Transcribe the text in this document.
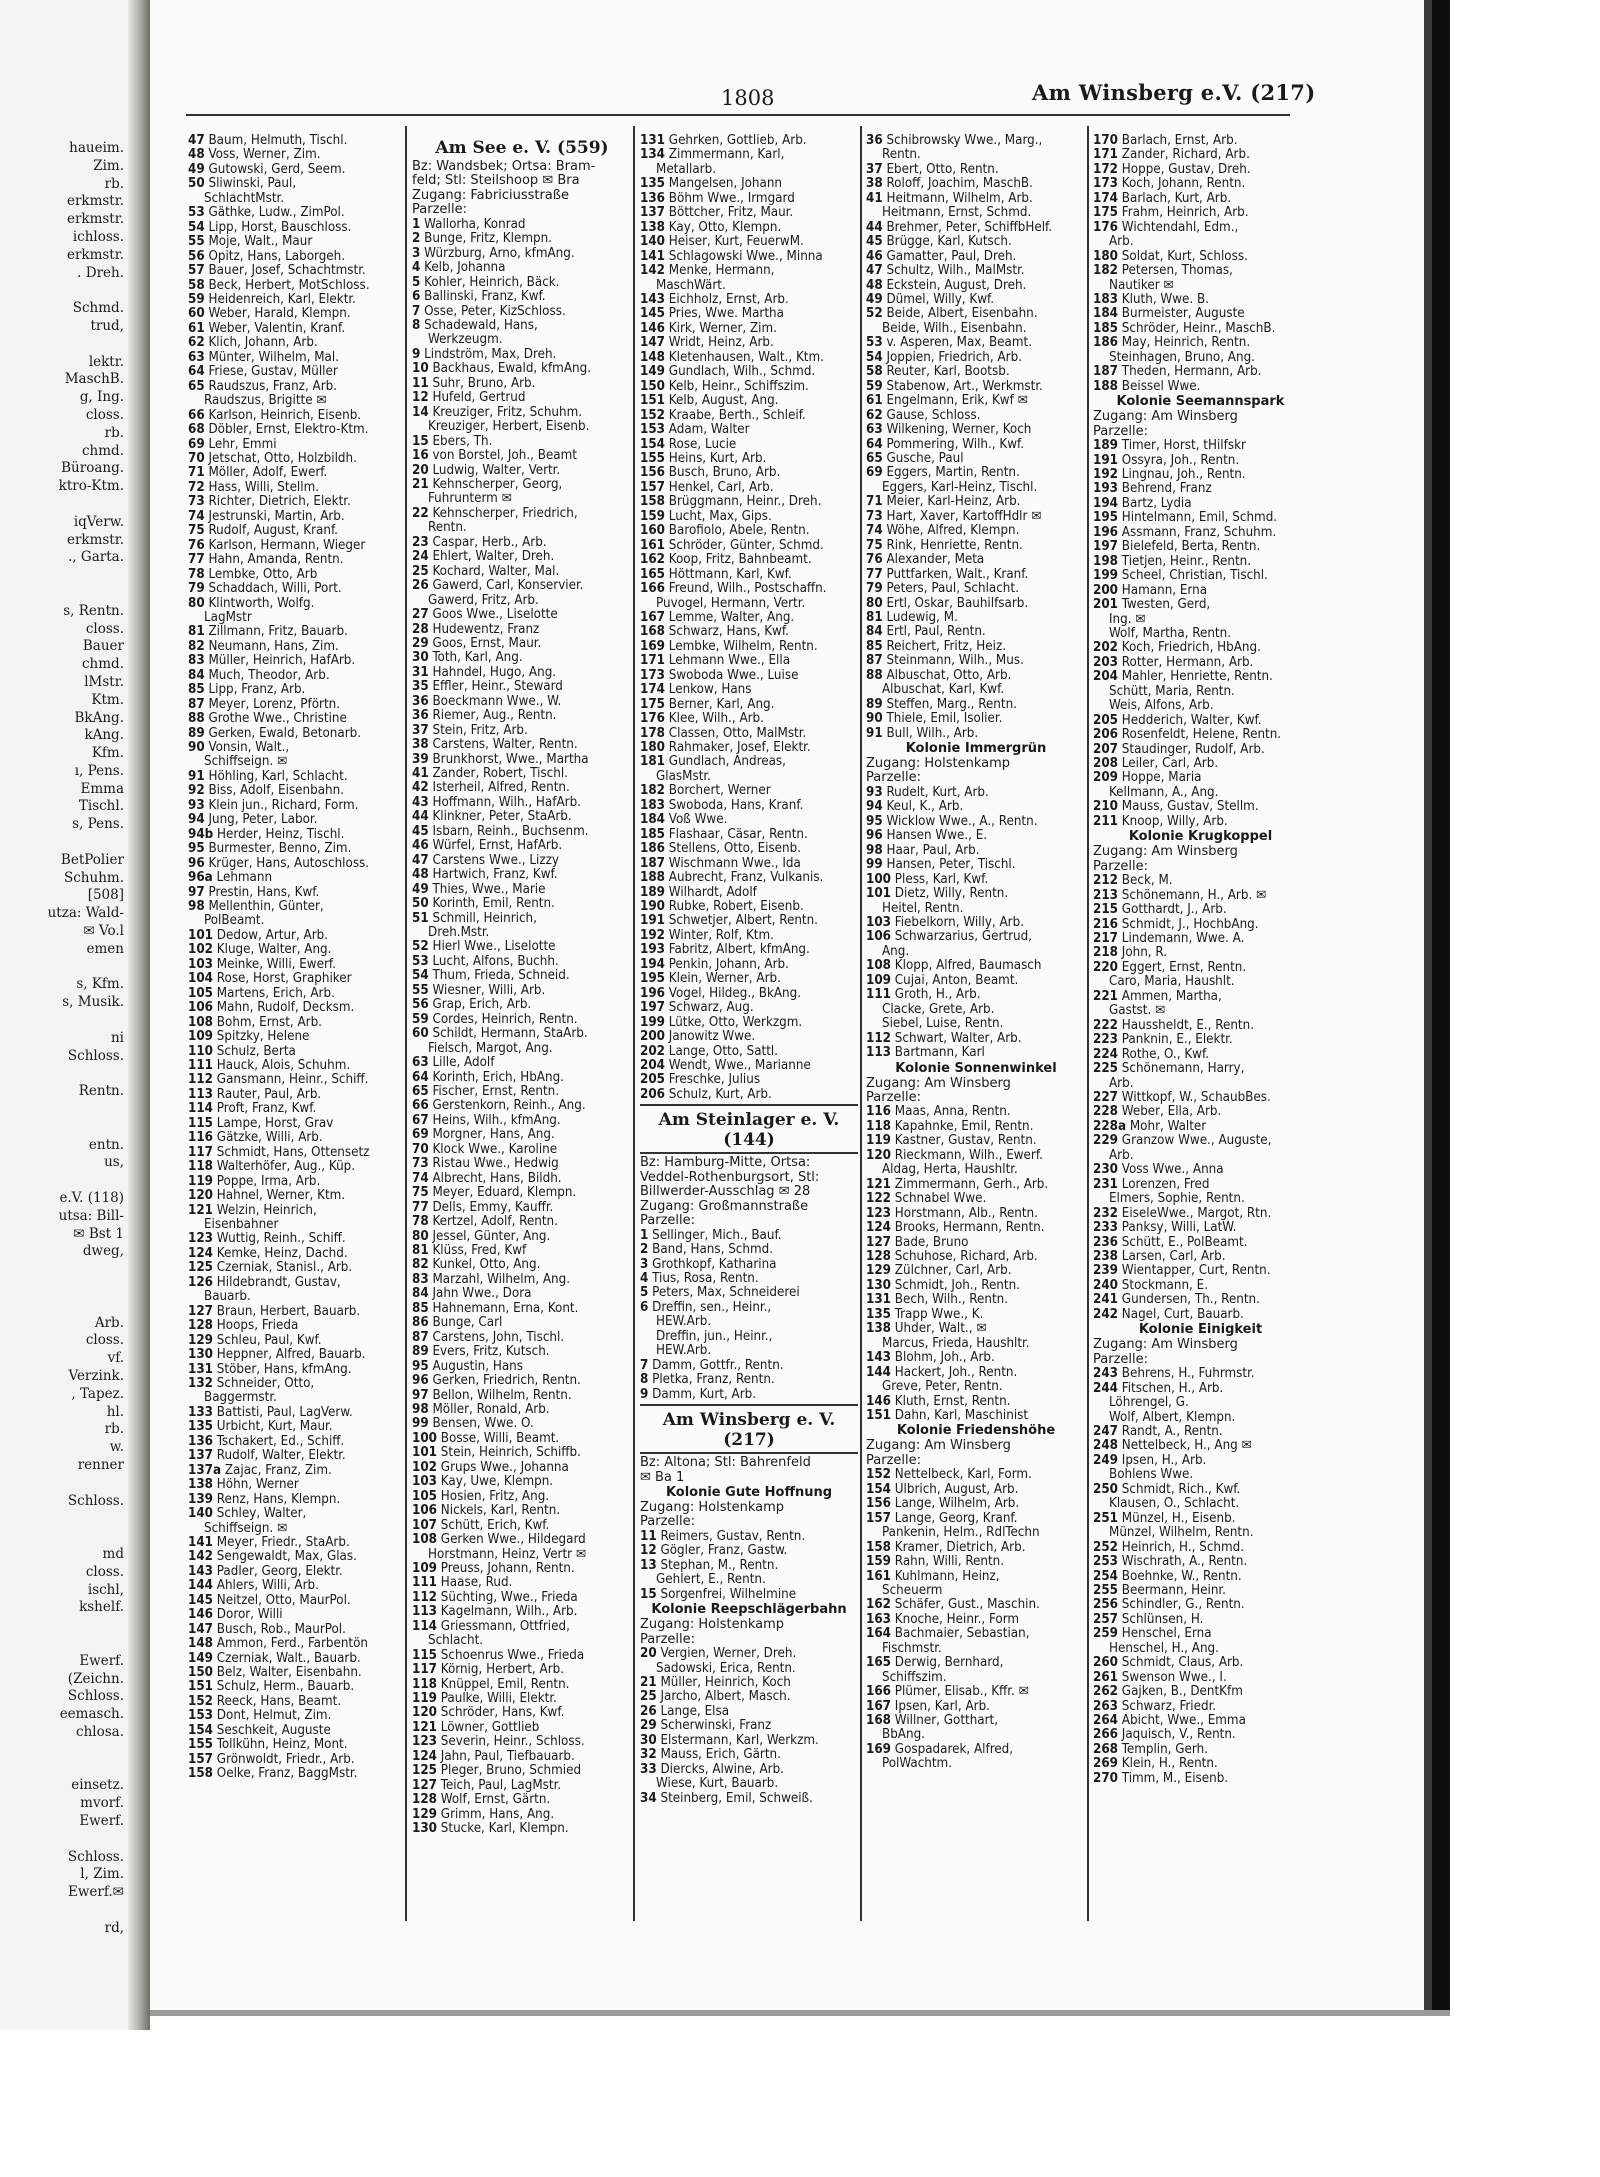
haueim.
Zim.
rb.
erkmstr.
erkmstr.
ichloss.
erkmstr.
. Dreh.

Schmd.
trud,

lektr.
MaschB.
g, Ing.
closs.
rb.
chmd.
Büroang.
ktro-Ktm.

iqVerw.
erkmstr.
., Garta.

s, Rentn.
closs.
Bauer
chmd.
lMstr.
Ktm.
BkAng.
kAng.
Kfm.
ı, Pens.
Emma
Tischl.
s, Pens.

BetPolier
Schuhm.
[508]
utza: Wald-
✉ Vo.l
emen

s, Kfm.
s, Musik.

ni
Schloss.

Rentn.

entn.
us,

e.V. (118)
utsa: Bill-
✉ Bst 1
dweg,

Arb.
closs.
vf.
Verzink.
, Tapez.
hl.
rb.
w.
renner

Schloss.

md
closs.
ischl,
kshelf.

Ewerf.
(Zeichn.
Schloss.
eemasch.
chlosa.

einsetz.
mvorf.
Ewerf.

Schloss.
l, Zim.
Ewerf.✉

rd,
1808	Am Winsberg e.V. (217)
47 Baum, Helmuth, Tischl.
48 Voss, Werner, Zim.
49 Gutowski, Gerd, Seem.
50 Sliwinski, Paul,
SchlachtMstr.
53 Gäthke, Ludw., ZimPol.
54 Lipp, Horst, Bauschloss.
55 Moje, Walt., Maur
56 Opitz, Hans, Laborgeh.
57 Bauer, Josef, Schachtmstr.
58 Beck, Herbert, MotSchloss.
59 Heidenreich, Karl, Elektr.
60 Weber, Harald, Klempn.
61 Weber, Valentin, Kranf.
62 Klich, Johann, Arb.
63 Münter, Wilhelm, Mal.
64 Friese, Gustav, Müller
65 Raudszus, Franz, Arb.
Raudszus, Brigitte ✉
66 Karlson, Heinrich, Eisenb.
68 Döbler, Ernst, Elektro-Ktm.
69 Lehr, Emmi
70 Jetschat, Otto, Holzbildh.
71 Möller, Adolf, Ewerf.
72 Hass, Willi, Stellm.
73 Richter, Dietrich, Elektr.
74 Jestrunski, Martin, Arb.
75 Rudolf, August, Kranf.
76 Karlson, Hermann, Wieger
77 Hahn, Amanda, Rentn.
78 Lembke, Otto, Arb
79 Schaddach, Willi, Port.
80 Klintworth, Wolfg.
LagMstr
81 Zillmann, Fritz, Bauarb.
82 Neumann, Hans, Zim.
83 Müller, Heinrich, HafArb.
84 Much, Theodor, Arb.
85 Lipp, Franz, Arb.
87 Meyer, Lorenz, Pförtn.
88 Grothe Wwe., Christine
89 Gerken, Ewald, Betonarb.
90 Vonsin, Walt.,
Schiffseign. ✉
91 Höhling, Karl, Schlacht.
92 Biss, Adolf, Eisenbahn.
93 Klein jun., Richard, Form.
94 Jung, Peter, Labor.
94b Herder, Heinz, Tischl.
95 Burmester, Benno, Zim.
96 Krüger, Hans, Autoschloss.
96a Lehmann
97 Prestin, Hans, Kwf.
98 Mellenthin, Günter,
PolBeamt.
101 Dedow, Artur, Arb.
102 Kluge, Walter, Ang.
103 Meinke, Willi, Ewerf.
104 Rose, Horst, Graphiker
105 Martens, Erich, Arb.
106 Mahn, Rudolf, Decksm.
108 Bohm, Ernst, Arb.
109 Spitzky, Helene
110 Schulz, Berta
111 Hauck, Alois, Schuhm.
112 Gansmann, Heinr., Schiff.
113 Rauter, Paul, Arb.
114 Proft, Franz, Kwf.
115 Lampe, Horst, Grav
116 Gätzke, Willi, Arb.
117 Schmidt, Hans, Ottensetz
118 Walterhöfer, Aug., Küp.
119 Poppe, Irma, Arb.
120 Hahnel, Werner, Ktm.
121 Welzin, Heinrich,
Eisenbahner
123 Wuttig, Reinh., Schiff.
124 Kemke, Heinz, Dachd.
125 Czerniak, Stanisl., Arb.
126 Hildebrandt, Gustav,
Bauarb.
127 Braun, Herbert, Bauarb.
128 Hoops, Frieda
129 Schleu, Paul, Kwf.
130 Heppner, Alfred, Bauarb.
131 Stöber, Hans, kfmAng.
132 Schneider, Otto,
Baggermstr.
133 Battisti, Paul, LagVerw.
135 Urbicht, Kurt, Maur.
136 Tschakert, Ed., Schiff.
137 Rudolf, Walter, Elektr.
137a Zajac, Franz, Zim.
138 Höhn, Werner
139 Renz, Hans, Klempn.
140 Schley, Walter,
Schiffseign. ✉
141 Meyer, Friedr., StaArb.
142 Sengewaldt, Max, Glas.
143 Padler, Georg, Elektr.
144 Ahlers, Willi, Arb.
145 Neitzel, Otto, MaurPol.
146 Doror, Willi
147 Busch, Rob., MaurPol.
148 Ammon, Ferd., Farbentön
149 Czerniak, Walt., Bauarb.
150 Belz, Walter, Eisenbahn.
151 Schulz, Herm., Bauarb.
152 Reeck, Hans, Beamt.
153 Dont, Helmut, Zim.
154 Seschkeit, Auguste
155 Tollkühn, Heinz, Mont.
157 Grönwoldt, Friedr., Arb.
158 Oelke, Franz, BaggMstr.
Am See e. V. (559)
Bz: Wandsbek; Ortsa: Bram-
feld; Stl: Steilshoop ✉ Bra
Zugang: Fabriciusstraße
Parzelle:
1 Wallorha, Konrad
2 Bunge, Fritz, Klempn.
3 Würzburg, Arno, kfmAng.
4 Kelb, Johanna
5 Kohler, Heinrich, Bäck.
6 Ballinski, Franz, Kwf.
7 Osse, Peter, KizSchloss.
8 Schadewald, Hans,
Werkzeugm.
9 Lindström, Max, Dreh.
10 Backhaus, Ewald, kfmAng.
11 Suhr, Bruno, Arb.
12 Hufeld, Gertrud
14 Kreuziger, Fritz, Schuhm.
Kreuziger, Herbert, Eisenb.
15 Ebers, Th.
16 von Borstel, Joh., Beamt
20 Ludwig, Walter, Vertr.
21 Kehnscherper, Georg,
Fuhrunterm ✉
22 Kehnscherper, Friedrich,
Rentn.
23 Caspar, Herb., Arb.
24 Ehlert, Walter, Dreh.
25 Kochard, Walter, Mal.
26 Gawerd, Carl, Konservier.
Gawerd, Fritz, Arb.
27 Goos Wwe., Liselotte
28 Hudewentz, Franz
29 Goos, Ernst, Maur.
30 Toth, Karl, Ang.
31 Hahndel, Hugo, Ang.
35 Effler, Heinr., Steward
36 Boeckmann Wwe., W.
36 Riemer, Aug., Rentn.
37 Stein, Fritz, Arb.
38 Carstens, Walter, Rentn.
39 Brunkhorst, Wwe., Martha
41 Zander, Robert, Tischl.
42 Isterheil, Alfred, Rentn.
43 Hoffmann, Wilh., HafArb.
44 Klinkner, Peter, StaArb.
45 Isbarn, Reinh., Buchsenm.
46 Würfel, Ernst, HafArb.
47 Carstens Wwe., Lizzy
48 Hartwich, Franz, Kwf.
49 Thies, Wwe., Marie
50 Korinth, Emil, Rentn.
51 Schmill, Heinrich,
Dreh.Mstr.
52 Hierl Wwe., Liselotte
53 Lucht, Alfons, Buchh.
54 Thum, Frieda, Schneid.
55 Wiesner, Willi, Arb.
56 Grap, Erich, Arb.
59 Cordes, Heinrich, Rentn.
60 Schildt, Hermann, StaArb.
Fielsch, Margot, Ang.
63 Lille, Adolf
64 Korinth, Erich, HbAng.
65 Fischer, Ernst, Rentn.
66 Gerstenkorn, Reinh., Ang.
67 Heins, Wilh., kfmAng.
69 Morgner, Hans, Ang.
70 Klock Wwe., Karoline
73 Ristau Wwe., Hedwig
74 Albrecht, Hans, Bildh.
75 Meyer, Eduard, Klempn.
77 Dells, Emmy, Kauffr.
78 Kertzel, Adolf, Rentn.
80 Jessel, Günter, Ang.
81 Klüss, Fred, Kwf
82 Kunkel, Otto, Ang.
83 Marzahl, Wilhelm, Ang.
84 Jahn Wwe., Dora
85 Hahnemann, Erna, Kont.
86 Bunge, Carl
87 Carstens, John, Tischl.
89 Evers, Fritz, Kutsch.
95 Augustin, Hans
96 Gerken, Friedrich, Rentn.
97 Bellon, Wilhelm, Rentn.
98 Möller, Ronald, Arb.
99 Bensen, Wwe. O.
100 Bosse, Willi, Beamt.
101 Stein, Heinrich, Schiffb.
102 Grups Wwe., Johanna
103 Kay, Uwe, Klempn.
105 Hosien, Fritz, Ang.
106 Nickels, Karl, Rentn.
107 Schütt, Erich, Kwf.
108 Gerken Wwe., Hildegard
Horstmann, Heinz, Vertr ✉
109 Preuss, Johann, Rentn.
111 Haase, Rud.
112 Süchting, Wwe., Frieda
113 Kagelmann, Wilh., Arb.
114 Griessmann, Ottfried,
Schlacht.
115 Schoenrus Wwe., Frieda
117 Körnig, Herbert, Arb.
118 Knüppel, Emil, Rentn.
119 Paulke, Willi, Elektr.
120 Schröder, Hans, Kwf.
121 Löwner, Gottlieb
123 Severin, Heinr., Schloss.
124 Jahn, Paul, Tiefbauarb.
125 Pleger, Bruno, Schmied
127 Teich, Paul, LagMstr.
128 Wolf, Ernst, Gärtn.
129 Grimm, Hans, Ang.
130 Stucke, Karl, Klempn.
131 Gehrken, Gottlieb, Arb.
134 Zimmermann, Karl,
Metallarb.
135 Mangelsen, Johann
136 Böhm Wwe., Irmgard
137 Böttcher, Fritz, Maur.
138 Kay, Otto, Klempn.
140 Heiser, Kurt, FeuerwM.
141 Schlagowski Wwe., Minna
142 Menke, Hermann,
MaschWärt.
143 Eichholz, Ernst, Arb.
145 Pries, Wwe. Martha
146 Kirk, Werner, Zim.
147 Wridt, Heinz, Arb.
148 Kletenhausen, Walt., Ktm.
149 Gundlach, Wilh., Schmd.
150 Kelb, Heinr., Schiffszim.
151 Kelb, August, Ang.
152 Kraabe, Berth., Schleif.
153 Adam, Walter
154 Rose, Lucie
155 Heins, Kurt, Arb.
156 Busch, Bruno, Arb.
157 Henkel, Carl, Arb.
158 Brüggmann, Heinr., Dreh.
159 Lucht, Max, Gips.
160 Barofiolo, Abele, Rentn.
161 Schröder, Günter, Schmd.
162 Koop, Fritz, Bahnbeamt.
165 Höttmann, Karl, Kwf.
166 Freund, Wilh., Postschaffn.
Puvogel, Hermann, Vertr.
167 Lemme, Walter, Ang.
168 Schwarz, Hans, Kwf.
169 Lembke, Wilhelm, Rentn.
171 Lehmann Wwe., Ella
173 Swoboda Wwe., Luise
174 Lenkow, Hans
175 Berner, Karl, Ang.
176 Klee, Wilh., Arb.
178 Classen, Otto, MalMstr.
180 Rahmaker, Josef, Elektr.
181 Gundlach, Andreas,
GlasMstr.
182 Borchert, Werner
183 Swoboda, Hans, Kranf.
184 Voß Wwe.
185 Flashaar, Cäsar, Rentn.
186 Stellens, Otto, Eisenb.
187 Wischmann Wwe., Ida
188 Aubrecht, Franz, Vulkanis.
189 Wilhardt, Adolf
190 Rubke, Robert, Eisenb.
191 Schwetjer, Albert, Rentn.
192 Winter, Rolf, Ktm.
193 Fabritz, Albert, kfmAng.
194 Penkin, Johann, Arb.
195 Klein, Werner, Arb.
196 Vogel, Hildeg., BkAng.
197 Schwarz, Aug.
199 Lütke, Otto, Werkzgm.
200 Janowitz Wwe.
202 Lange, Otto, Sattl.
204 Wendt, Wwe., Marianne
205 Freschke, Julius
206 Schulz, Kurt, Arb.
Am Steinlager e. V. (144)
Bz: Hamburg-Mitte, Ortsa:
Veddel-Rothenburgsort, Stl:
Billwerder-Ausschlag ✉ 28
Zugang: Großmannstraße
Parzelle:
1 Sellinger, Mich., Bauf.
2 Band, Hans, Schmd.
3 Grothkopf, Katharina
4 Tius, Rosa, Rentn.
5 Peters, Max, Schneiderei
6 Dreffin, sen., Heinr.,
HEW.Arb.
Dreffin, jun., Heinr.,
HEW.Arb.
7 Damm, Gottfr., Rentn.
8 Pletka, Franz, Rentn.
9 Damm, Kurt, Arb.
Am Winsberg e. V. (217)
Bz: Altona; Stl: Bahrenfeld
✉ Ba 1
Kolonie Gute Hoffnung
Zugang: Holstenkamp
Parzelle:
11 Reimers, Gustav, Rentn.
12 Gögler, Franz, Gastw.
13 Stephan, M., Rentn.
Gehlert, E., Rentn.
15 Sorgenfrei, Wilhelmine
Kolonie Reepschlägerbahn
Zugang: Holstenkamp
Parzelle:
20 Vergien, Werner, Dreh.
Sadowski, Erica, Rentn.
21 Müller, Heinrich, Koch
25 Jarcho, Albert, Masch.
26 Lange, Elsa
29 Scherwinski, Franz
30 Elstermann, Karl, Werkzm.
32 Mauss, Erich, Gärtn.
33 Diercks, Alwine, Arb.
Wiese, Kurt, Bauarb.
34 Steinberg, Emil, Schweiß.
36 Schibrowsky Wwe., Marg.,
Rentn.
37 Ebert, Otto, Rentn.
38 Roloff, Joachim, MaschB.
41 Heitmann, Wilhelm, Arb.
Heitmann, Ernst, Schmd.
44 Brehmer, Peter, SchiffbHelf.
45 Brügge, Karl, Kutsch.
46 Gamatter, Paul, Dreh.
47 Schultz, Wilh., MalMstr.
48 Eckstein, August, Dreh.
49 Dümel, Willy, Kwf.
52 Beide, Albert, Eisenbahn.
Beide, Wilh., Eisenbahn.
53 v. Asperen, Max, Beamt.
54 Joppien, Friedrich, Arb.
58 Reuter, Karl, Bootsb.
59 Stabenow, Art., Werkmstr.
61 Engelmann, Erik, Kwf ✉
62 Gause, Schloss.
63 Wilkening, Werner, Koch
64 Pommering, Wilh., Kwf.
65 Gusche, Paul
69 Eggers, Martin, Rentn.
Eggers, Karl-Heinz, Tischl.
71 Meier, Karl-Heinz, Arb.
73 Hart, Xaver, KartoffHdlr ✉
74 Wöhe, Alfred, Klempn.
75 Rink, Henriette, Rentn.
76 Alexander, Meta
77 Puttfarken, Walt., Kranf.
79 Peters, Paul, Schlacht.
80 Ertl, Oskar, Bauhilfsarb.
81 Ludewig, M.
84 Ertl, Paul, Rentn.
85 Reichert, Fritz, Heiz.
87 Steinmann, Wilh., Mus.
88 Albuschat, Otto, Arb.
Albuschat, Karl, Kwf.
89 Steffen, Marg., Rentn.
90 Thiele, Emil, Isolier.
91 Bull, Wilh., Arb.
Kolonie Immergrün
Zugang: Holstenkamp
Parzelle:
93 Rudelt, Kurt, Arb.
94 Keul, K., Arb.
95 Wicklow Wwe., A., Rentn.
96 Hansen Wwe., E.
98 Haar, Paul, Arb.
99 Hansen, Peter, Tischl.
100 Pless, Karl, Kwf.
101 Dietz, Willy, Rentn.
Heitel, Rentn.
103 Fiebelkorn, Willy, Arb.
106 Schwarzarius, Gertrud,
Ang.
108 Klopp, Alfred, Baumasch
109 Cujai, Anton, Beamt.
111 Groth, H., Arb.
Clacke, Grete, Arb.
Siebel, Luise, Rentn.
112 Schwart, Walter, Arb.
113 Bartmann, Karl
Kolonie Sonnenwinkel
Zugang: Am Winsberg
Parzelle:
116 Maas, Anna, Rentn.
118 Kapahnke, Emil, Rentn.
119 Kastner, Gustav, Rentn.
120 Rieckmann, Wilh., Ewerf.
Aldag, Herta, Haushltr.
121 Zimmermann, Gerh., Arb.
122 Schnabel Wwe.
123 Horstmann, Alb., Rentn.
124 Brooks, Hermann, Rentn.
127 Bade, Bruno
128 Schuhose, Richard, Arb.
129 Zülchner, Carl, Arb.
130 Schmidt, Joh., Rentn.
131 Bech, Wilh., Rentn.
135 Trapp Wwe., K.
138 Uhder, Walt., ✉
Marcus, Frieda, Haushltr.
143 Blohm, Joh., Arb.
144 Hackert, Joh., Rentn.
Greve, Peter, Rentn.
146 Kluth, Ernst, Rentn.
151 Dahn, Karl, Maschinist
Kolonie Friedenshöhe
Zugang: Am Winsberg
Parzelle:
152 Nettelbeck, Karl, Form.
154 Ulbrich, August, Arb.
156 Lange, Wilhelm, Arb.
157 Lange, Georg, Kranf.
Pankenin, Helm., RdlTechn
158 Kramer, Dietrich, Arb.
159 Rahn, Willi, Rentn.
161 Kuhlmann, Heinz,
Scheuerm
162 Schäfer, Gust., Maschin.
163 Knoche, Heinr., Form
164 Bachmaier, Sebastian,
Fischmstr.
165 Derwig, Bernhard,
Schiffszim.
166 Plümer, Elisab., Kffr. ✉
167 Ipsen, Karl, Arb.
168 Willner, Gotthart,
BbAng.
169 Gospadarek, Alfred,
PolWachtm.
170 Barlach, Ernst, Arb.
171 Zander, Richard, Arb.
172 Hoppe, Gustav, Dreh.
173 Koch, Johann, Rentn.
174 Barlach, Kurt, Arb.
175 Frahm, Heinrich, Arb.
176 Wichtendahl, Edm.,
Arb.
180 Soldat, Kurt, Schloss.
182 Petersen, Thomas,
Nautiker ✉
183 Kluth, Wwe. B.
184 Burmeister, Auguste
185 Schröder, Heinr., MaschB.
186 May, Heinrich, Rentn.
Steinhagen, Bruno, Ang.
187 Theden, Hermann, Arb.
188 Beissel Wwe.
Kolonie Seemannspark
Zugang: Am Winsberg
Parzelle:
189 Timer, Horst, tHilfskr
191 Ossyra, Joh., Rentn.
192 Lingnau, Joh., Rentn.
193 Behrend, Franz
194 Bartz, Lydia
195 Hintelmann, Emil, Schmd.
196 Assmann, Franz, Schuhm.
197 Bielefeld, Berta, Rentn.
198 Tietjen, Heinr., Rentn.
199 Scheel, Christian, Tischl.
200 Hamann, Erna
201 Twesten, Gerd,
Ing. ✉
Wolf, Martha, Rentn.
202 Koch, Friedrich, HbAng.
203 Rotter, Hermann, Arb.
204 Mahler, Henriette, Rentn.
Schütt, Maria, Rentn.
Weis, Alfons, Arb.
205 Hedderich, Walter, Kwf.
206 Rosenfeldt, Helene, Rentn.
207 Staudinger, Rudolf, Arb.
208 Leiler, Carl, Arb.
209 Hoppe, Maria
Kellmann, A., Ang.
210 Mauss, Gustav, Stellm.
211 Knoop, Willy, Arb.
Kolonie Krugkoppel
Zugang: Am Winsberg
Parzelle:
212 Beck, M.
213 Schönemann, H., Arb. ✉
215 Gotthardt, J., Arb.
216 Schmidt, J., HochbAng.
217 Lindemann, Wwe. A.
218 John, R.
220 Eggert, Ernst, Rentn.
Caro, Maria, Haushlt.
221 Ammen, Martha,
Gastst. ✉
222 Haussheldt, E., Rentn.
223 Panknin, E., Elektr.
224 Rothe, O., Kwf.
225 Schönemann, Harry,
Arb.
227 Wittkopf, W., SchaubBes.
228 Weber, Ella, Arb.
228a Mohr, Walter
229 Granzow Wwe., Auguste,
Arb.
230 Voss Wwe., Anna
231 Lorenzen, Fred
Elmers, Sophie, Rentn.
232 EiseleWwe., Margot, Rtn.
233 Panksy, Willi, LatW.
236 Schütt, E., PolBeamt.
238 Larsen, Carl, Arb.
239 Wientapper, Curt, Rentn.
240 Stockmann, E.
241 Gundersen, Th., Rentn.
242 Nagel, Curt, Bauarb.
Kolonie Einigkeit
Zugang: Am Winsberg
Parzelle:
243 Behrens, H., Fuhrmstr.
244 Fitschen, H., Arb.
Löhrengel, G.
Wolf, Albert, Klempn.
247 Randt, A., Rentn.
248 Nettelbeck, H., Ang ✉
249 Ipsen, H., Arb.
Bohlens Wwe.
250 Schmidt, Rich., Kwf.
Klausen, O., Schlacht.
251 Münzel, H., Eisenb.
Münzel, Wilhelm, Rentn.
252 Heinrich, H., Schmd.
253 Wischrath, A., Rentn.
254 Boehnke, W., Rentn.
255 Beermann, Heinr.
256 Schindler, G., Rentn.
257 Schlünsen, H.
259 Henschel, Erna
Henschel, H., Ang.
260 Schmidt, Claus, Arb.
261 Swenson Wwe., I.
262 Gajken, B., DentKfm
263 Schwarz, Friedr.
264 Abicht, Wwe., Emma
266 Jaquisch, V., Rentn.
268 Templin, Gerh.
269 Klein, H., Rentn.
270 Timm, M., Eisenb.
